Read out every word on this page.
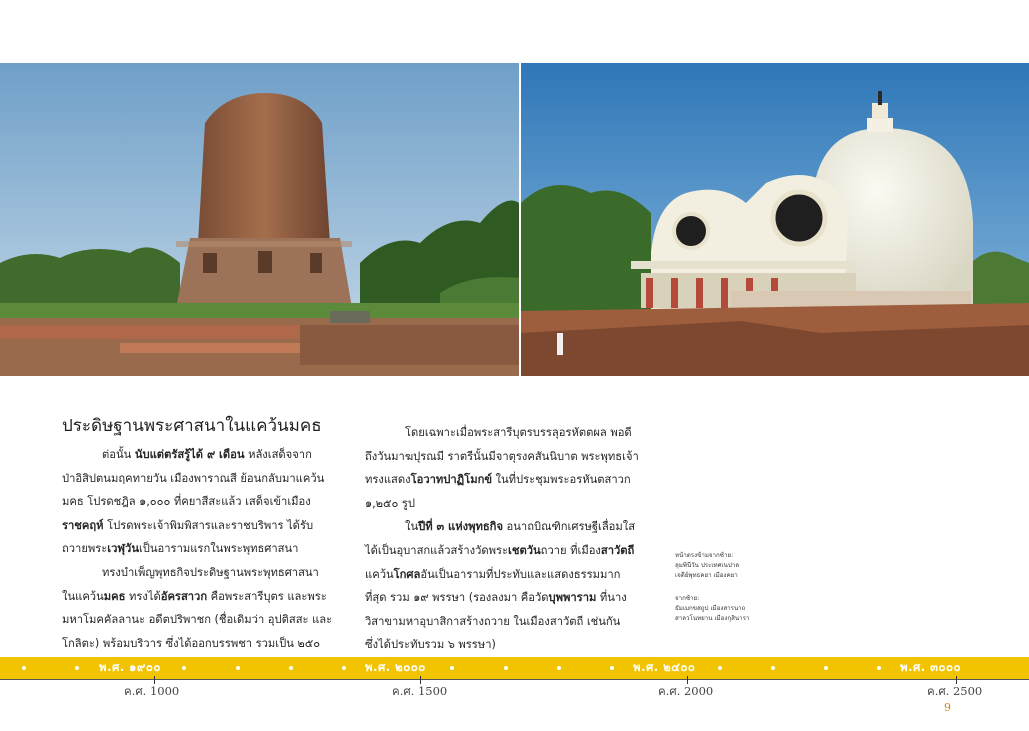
ประดิษฐานพระศาสนาในแคว้นมคธ

ต่อนั้น นับแต่ตรัสรู้ได้ ๙ เดือน หลังเสด็จจาก

ป่าอิสิปตนมฤคทายวัน เมืองพาราณสี ย้อนกลับมาแคว้น

มคธ โปรดชฎิล ๑,๐๐๐ ที่คยาสีสะแล้ว เสด็จเข้าเมือง

ราชคฤห์ โปรดพระเจ้าพิมพิสารและราชบริพาร ได้รับ

ถวายพระเวฬุวันเป็นอารามแรกในพระพุทธศาสนา

ทรงบำเพ็ญพุทธกิจประดิษฐานพระพุทธศาสนา

ในแคว้นมคธ ทรงได้อัครสาวก คือพระสารีบุตร และพระ

มหาโมคคัลลานะ อดีตปริพาชก (ชื่อเดิมว่า อุปติสสะ และ

โกลิตะ) พร้อมบริวาร ซึ่งได้ออกบรรพชา รวมเป็น ๒๕๐

โดยเฉพาะเมื่อพระสารีบุตรบรรลุอรหัตตผล พอดี

ถึงวันมาฆปุรณมี ราตรีนั้นมีจาตุรงคสันนิบาต พระพุทธเจ้า

ทรงแสดงโอวาทปาฏิโมกข์ ในที่ประชุมพระอรหันตสาวก

๑,๒๕๐ รูป

ในปีที่ ๓ แห่งพุทธกิจ อนาถบิณฑิกเศรษฐีเลื่อมใส

ได้เป็นอุบาสกแล้วสร้างวัดพระเชตวันถวาย ที่เมืองสาวัตถี

แคว้นโกศลอันเป็นอารามที่ประทับและแสดงธรรมมาก

ที่สุด รวม ๑๙ พรรษา (รองลงมา คือวัดบุพพาราม ที่นาง

วิสาขามหาอุบาสิกาสร้างถวาย ในเมืองสาวัตถี เช่นกัน

ซึ่งได้ประทับรวม ๖ พรรษา)

หน้าตรงข้ามจากซ้าย:
ลุมพินีวัน ประเทศเนปาล
เจดีย์พุทธคยา เมืองคยา
จากซ้าย:
ธัมเมกขสถูป เมืองสารนาถ
สาลวโนทยาน เมืองกุสินารา
พ.ศ. ๑๙๐๐	พ.ศ. ๒๐๐๐	พ.ศ. ๒๔๐๐	พ.ศ. ๓๐๐๐
ค.ศ. 1000	ค.ศ. 1500	ค.ศ. 2000	ค.ศ. 2500
9
